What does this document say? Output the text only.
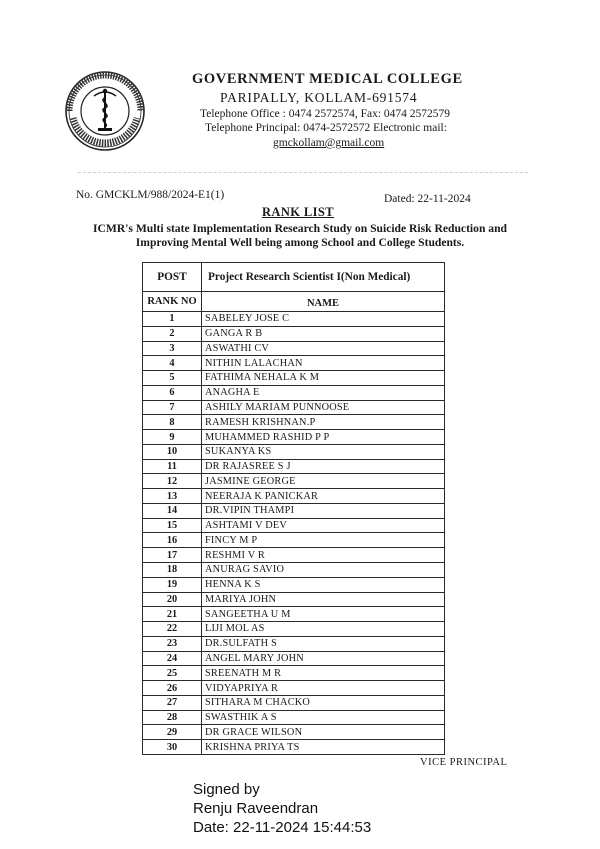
GOVERNMENT MEDICAL COLLEGE
PARIPALLY, KOLLAM-691574
Telephone Office : 0474 2572574, Fax: 0474 2572579
Telephone Principal: 0474-2572572 Electronic mail:
gmckollam@gmail.com
No. GMCKLM/988/2024-E1(1)	Dated: 22-11-2024
RANK LIST
ICMR's Multi state Implementation Research Study on Suicide Risk Reduction and Improving Mental Well being among School and College Students.
POST	Project Research Scientist I(Non Medical)
RANK NO	NAME
1	SABELEY JOSE C
2	GANGA R B
3	ASWATHI CV
4	NITHIN LALACHAN
5	FATHIMA NEHALA K M
6	ANAGHA E
7	ASHILY MARIAM PUNNOOSE
8	RAMESH KRISHNAN.P
9	MUHAMMED RASHID P P
10	SUKANYA KS
11	DR RAJASREE S J
12	JASMINE GEORGE
13	NEERAJA K PANICKAR
14	DR.VIPIN THAMPI
15	ASHTAMI V DEV
16	FINCY M P
17	RESHMI V R
18	ANURAG SAVIO
19	HENNA K S
20	MARIYA JOHN
21	SANGEETHA U M
22	LIJI MOL AS
23	DR.SULFATH S
24	ANGEL MARY JOHN
25	SREENATH M R
26	VIDYAPRIYA R
27	SITHARA M CHACKO
28	SWASTHIK A S
29	DR GRACE WILSON
30	KRISHNA PRIYA TS
VICE PRINCIPAL
Signed by
Renju Raveendran
Date: 22-11-2024 15:44:53
